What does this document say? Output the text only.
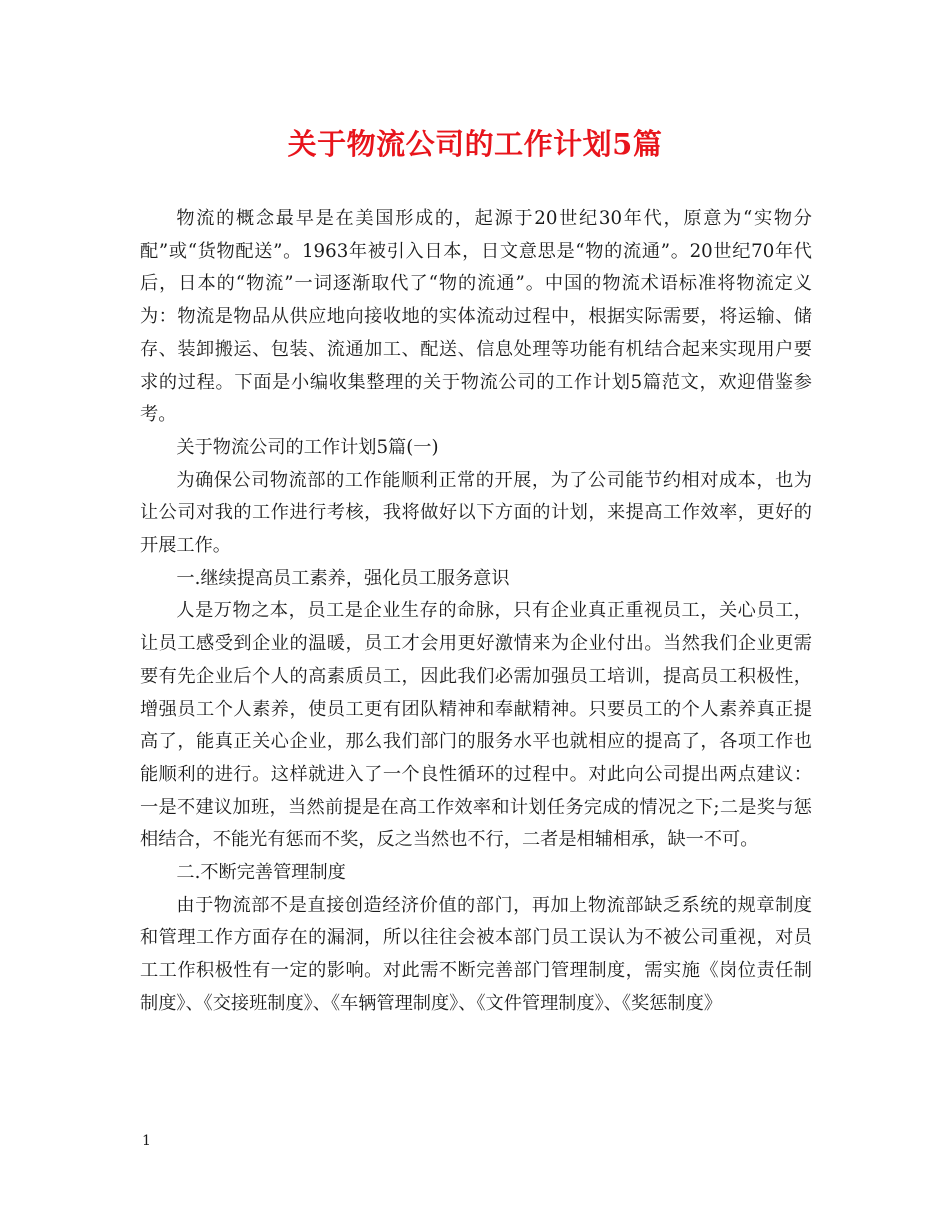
关于物流公司的工作计划5篇

物流的概念最早是在美国形成的，起源于20世纪30年代，原意为“实物分配”或“货物配送”。1963年被引入日本，日文意思是“物的流通”。20世纪70年代后，日本的“物流”一词逐渐取代了“物的流通”。中国的物流术语标准将物流定义为：物流是物品从供应地向接收地的实体流动过程中，根据实际需要，将运输、储存、装卸搬运、包装、流通加工、配送、信息处理等功能有机结合起来实现用户要求的过程。下面是小编收集整理的关于物流公司的工作计划5篇范文，欢迎借鉴参考。

关于物流公司的工作计划5篇(一)

为确保公司物流部的工作能顺利正常的开展，为了公司能节约相对成本，也为让公司对我的工作进行考核，我将做好以下方面的计划，来提高工作效率，更好的开展工作。

一.继续提高员工素养，强化员工服务意识

人是万物之本，员工是企业生存的命脉，只有企业真正重视员工，关心员工，让员工感受到企业的温暖，员工才会用更好激情来为企业付出。当然我们企业更需要有先企业后个人的高素质员工，因此我们必需加强员工培训，提高员工积极性，增强员工个人素养，使员工更有团队精神和奉献精神。只要员工的个人素养真正提高了，能真正关心企业，那么我们部门的服务水平也就相应的提高了，各项工作也能顺利的进行。这样就进入了一个良性循环的过程中。对此向公司提出两点建议：一是不建议加班，当然前提是在高工作效率和计划任务完成的情况之下;二是奖与惩相结合，不能光有惩而不奖，反之当然也不行，二者是相辅相承，缺一不可。

二.不断完善管理制度

由于物流部不是直接创造经济价值的部门，再加上物流部缺乏系统的规章制度和管理工作方面存在的漏洞，所以往往会被本部门员工误认为不被公司重视，对员工工作积极性有一定的影响。对此需不断完善部门管理制度，需实施《岗位责任制制度》、《交接班制度》、《车辆管理制度》、《文件管理制度》、《奖惩制度》

1
